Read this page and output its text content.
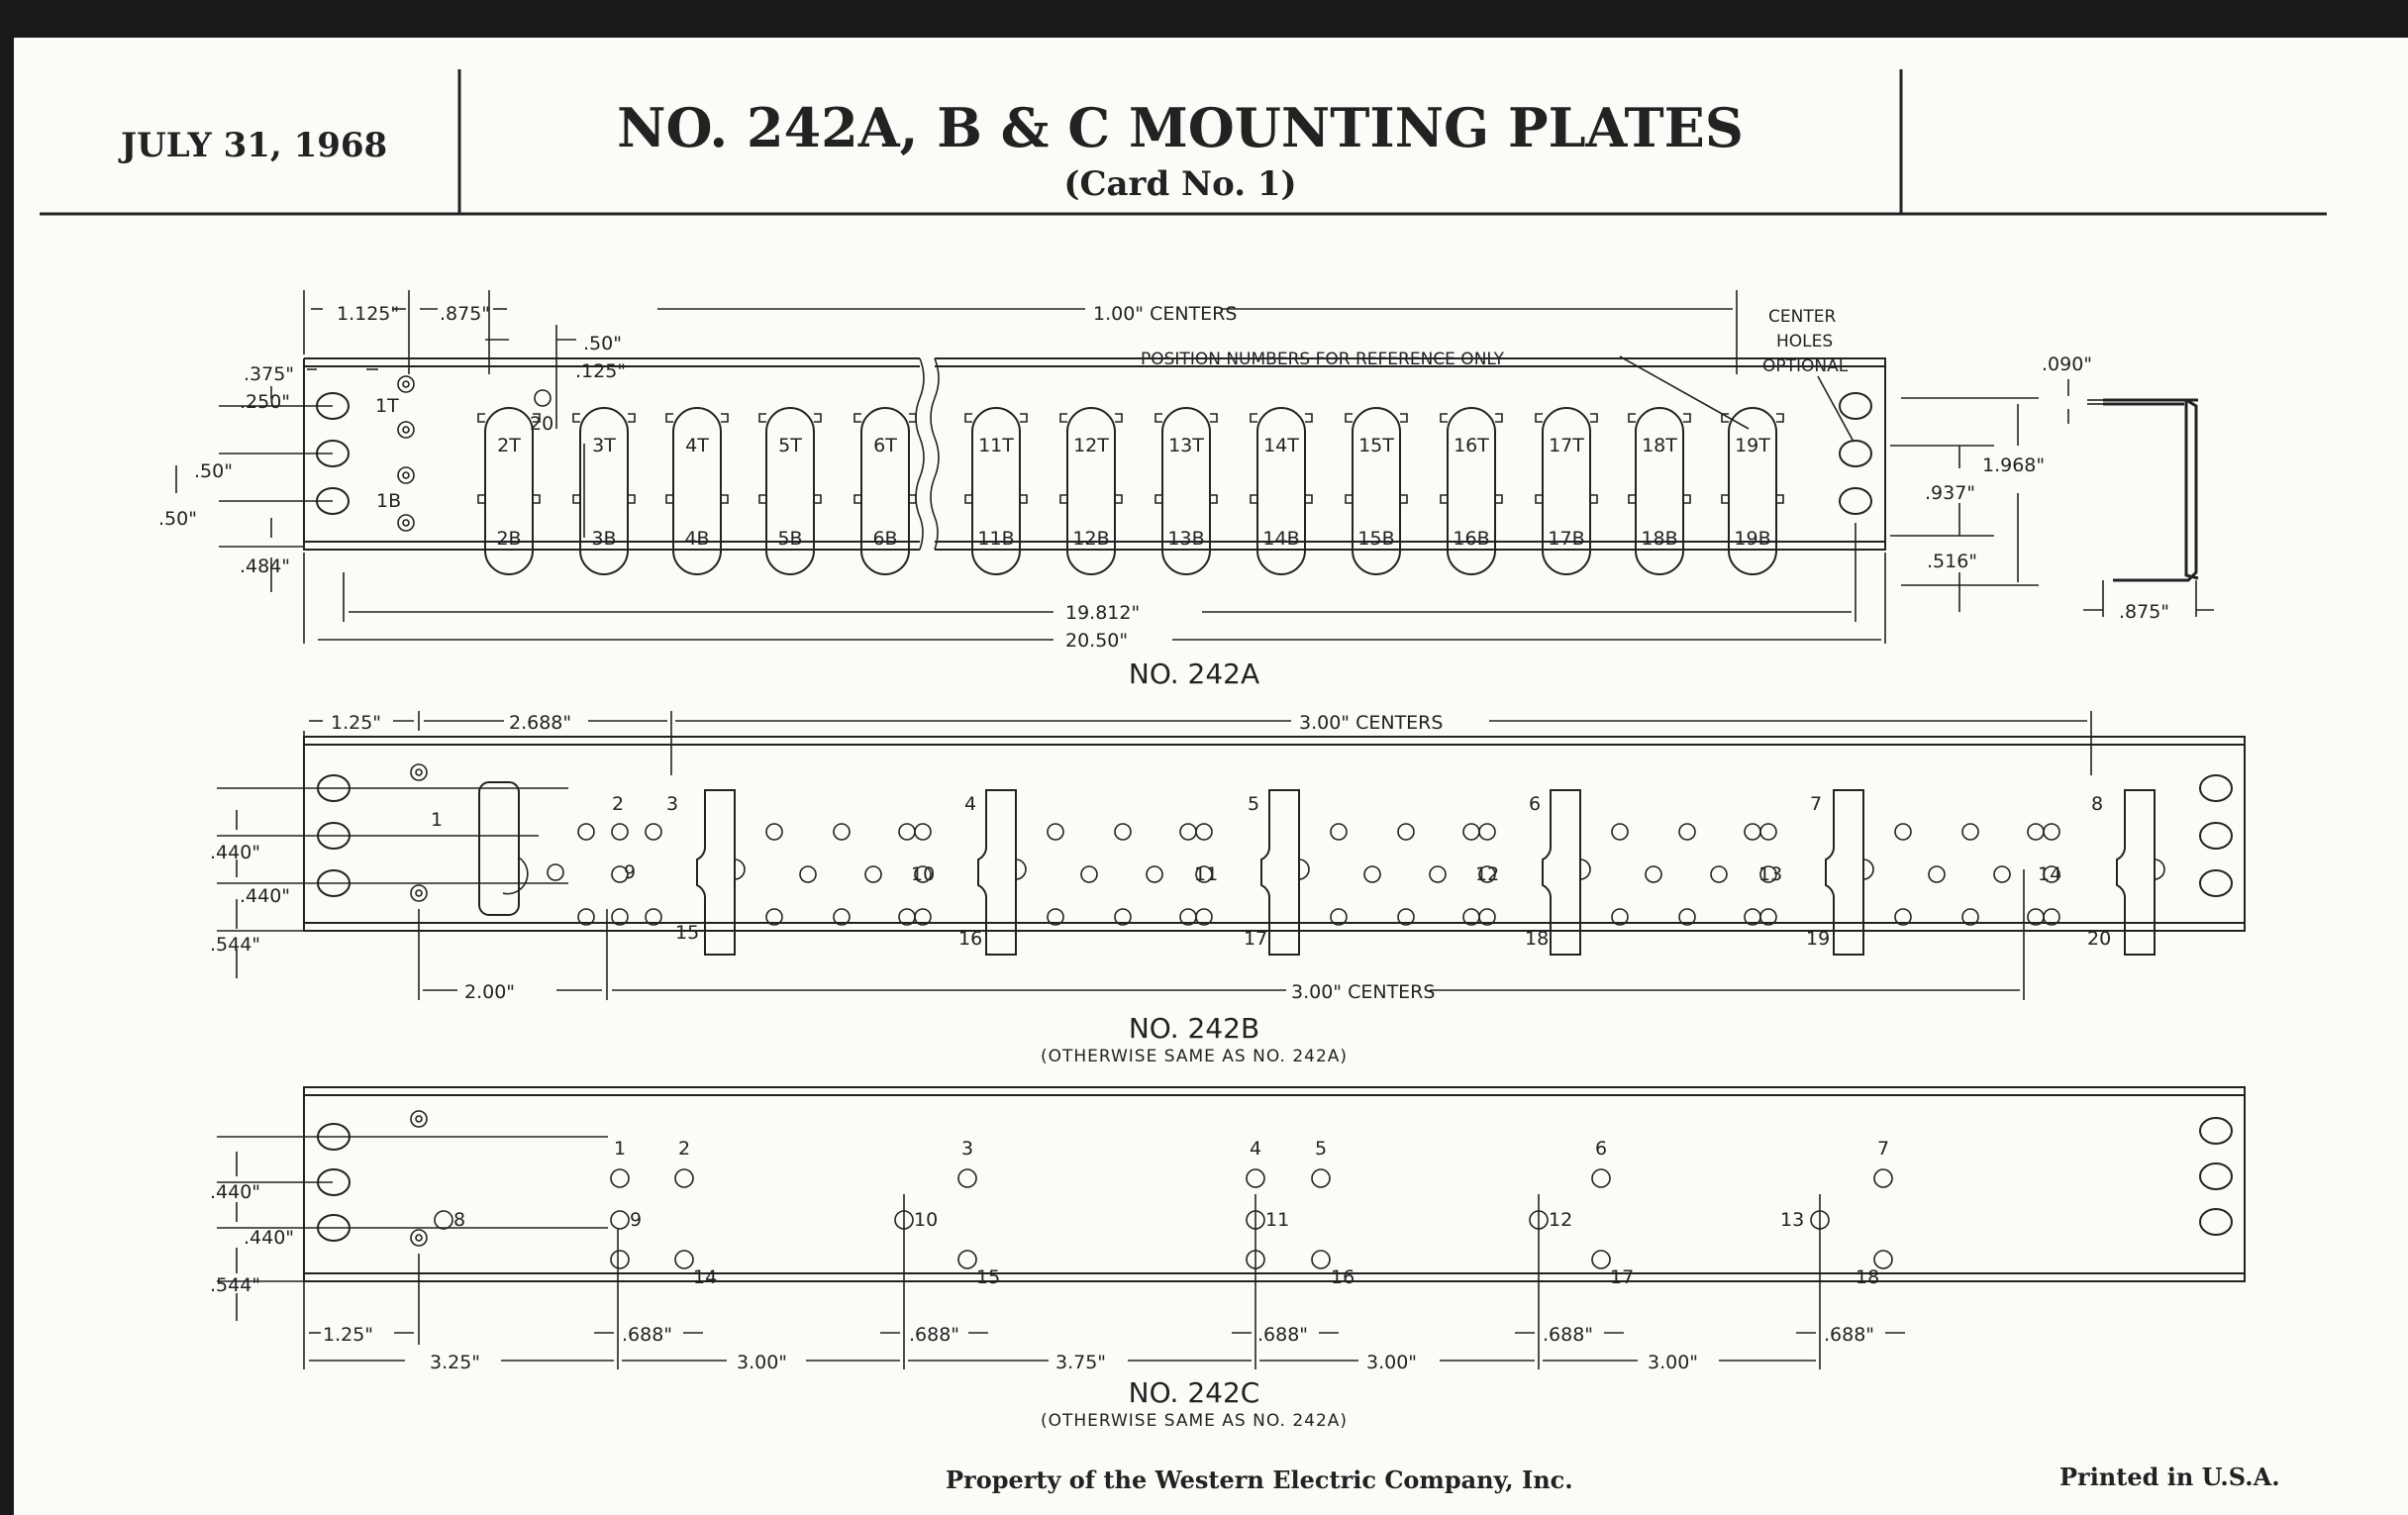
JULY 31, 1968	NO. 242A, B & C MOUNTING PLATES
(Card No. 1)
1T
1B
20
2T
2B
3T
3B
4T
4B
5T
5B
6T
6B
11T
11B
12T
12B
13T
13B
14T
14B
15T
15B
16T
16B
17T
17B
18T
18B
19T
19B
1.125" .875"	1.00" CENTERS
.50"
.125"
.375"
.250"
.50"
.50"
.484"
19.812"
20.50"
POSITION NUMBERS FOR REFERENCE ONLY
CENTER
HOLES
OPTIONAL	.090"
1.968"
.937"
.516"
.875"
NO. 242A
2 3
9
15
4	5	6	7	8
10	11	12	13	14
16	17	18	19	20
1
1.25"	2.688"	3.00" CENTERS
.440"
.440"
.544"
2.00"	3.00" CENTERS
NO. 242B
(OTHERWISE SAME AS NO. 242A)
1	2	3	4	5	6	7
8	9	10	11	12	13
14	15	16	17	18
.440"
.440"
.544"
1.25"
3.25"
.688"
3.00"
.688"
3.75"
.688"
3.00"
.688"
3.00"
.688"
NO. 242C
(OTHERWISE SAME AS NO. 242A)
Property of the Western Electric Company, Inc.	Printed in U.S.A.
